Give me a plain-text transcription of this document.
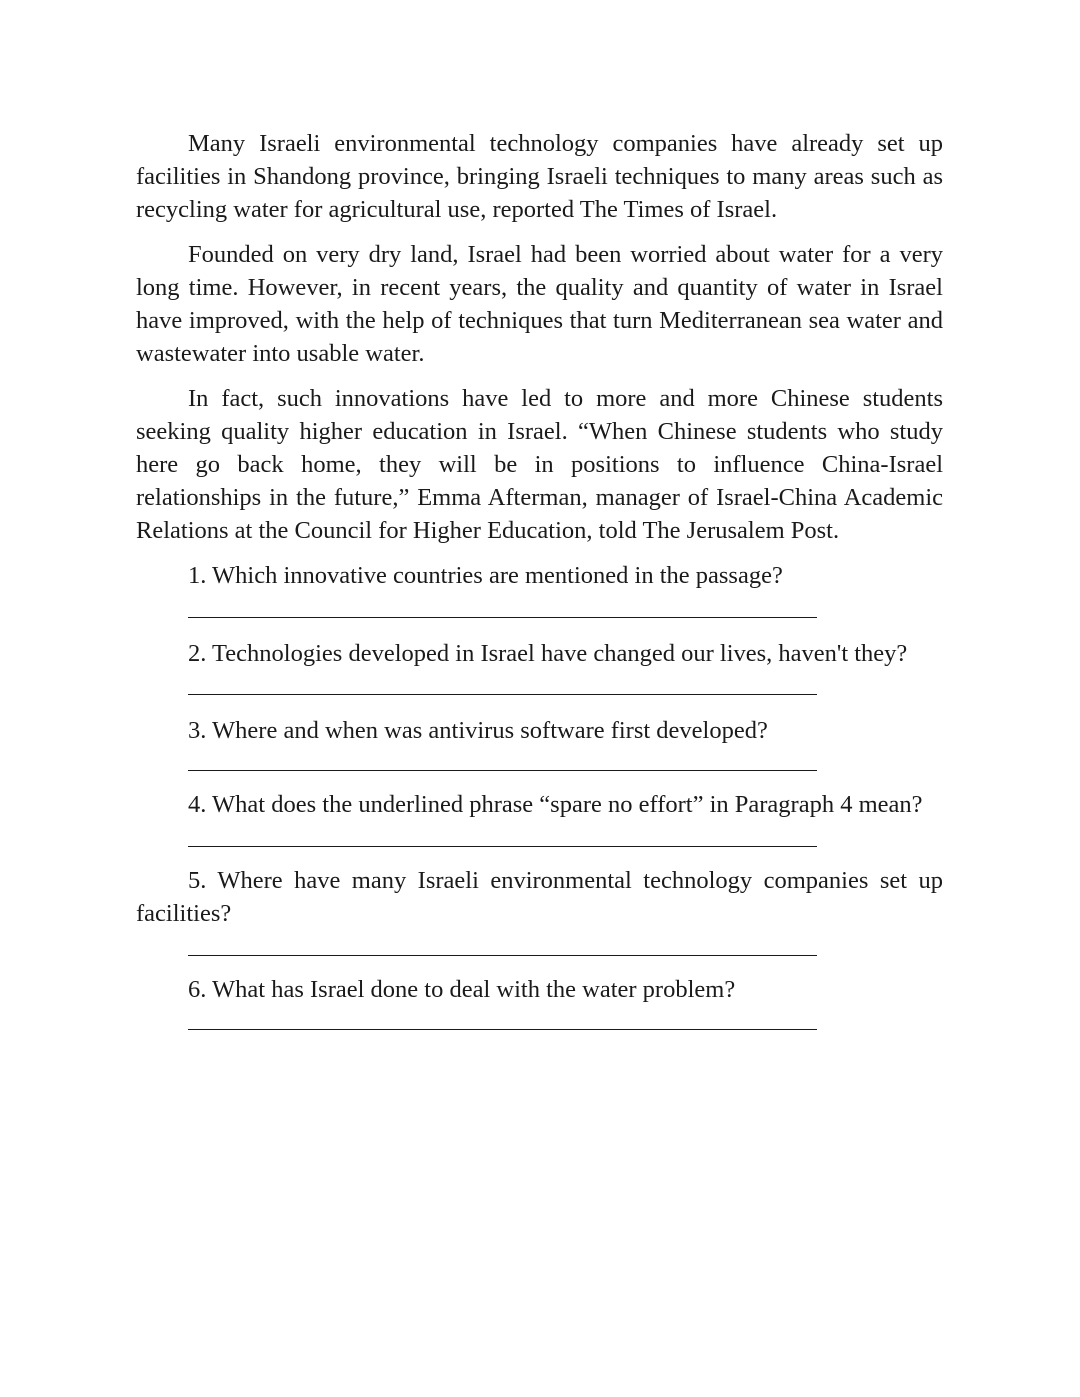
Many Israeli environmental technology companies have already set up facilities in Shandong province, bringing Israeli techniques to many areas such as recycling water for agricultural use, reported The Times of Israel.

Founded on very dry land, Israel had been worried about water for a very long time. However, in recent years, the quality and quantity of water in Israel have improved, with the help of techniques that turn Mediterranean sea water and wastewater into usable water.

In fact, such innovations have led to more and more Chinese students seeking quality higher education in Israel. “When Chinese students who study here go back home, they will be in positions to influence China-Israel relationships in the future,” Emma Afterman, manager of Israel-China Academic Relations at the Council for Higher Education, told The Jerusalem Post.

1. Which innovative countries are mentioned in the passage?

2. Technologies developed in Israel have changed our lives, haven't they?

3. Where and when was antivirus software first developed?

4. What does the underlined phrase “spare no effort” in Paragraph 4 mean?

5. Where have many Israeli environmental technology companies set up facilities?

6. What has Israel done to deal with the water problem?
